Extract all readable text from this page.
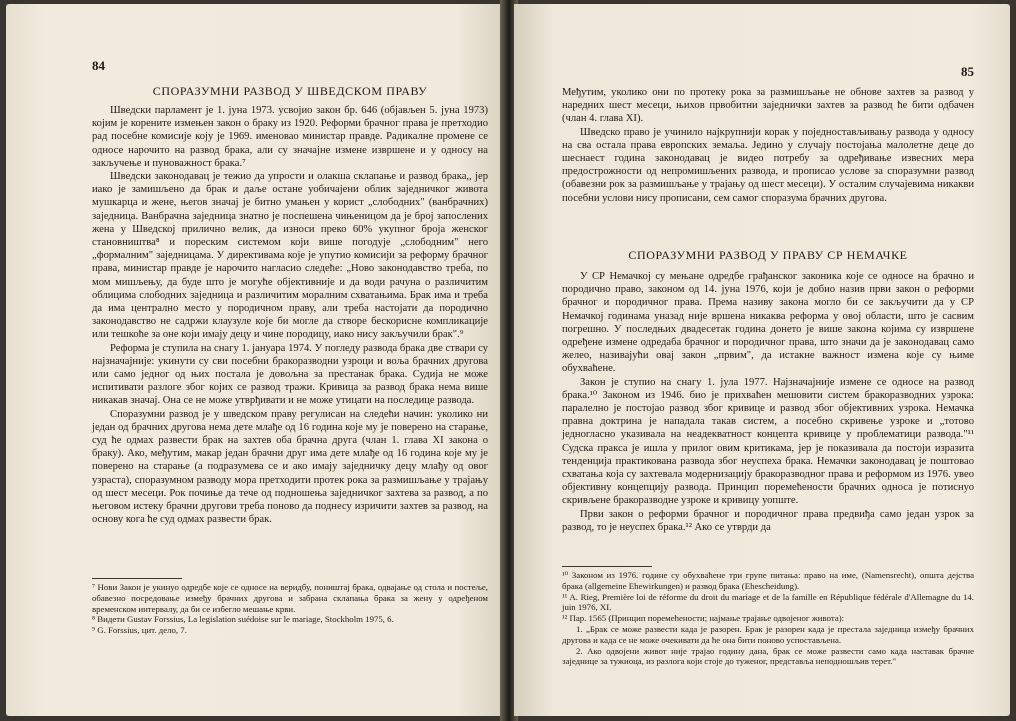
84

СПОРАЗУМНИ РАЗВОД У ШВЕДСКОМ ПРАВУ

Шведски парламент је 1. јуна 1973. усвојио закон бр. 646 (објављен 5. јуна 1973) којим је корените измењен закон о браку из 1920. Реформи брачног права је претходио рад посебне комисије коју је 1969. именовао министар правде. Радикалне промене се односе нарочито на развод брака, али су значајне измене извршене и у односу на закључење и пуноважност брака.⁷

Шведски законодавац је тежио да упрости и олакша склапање и развод брака,, јер иако је замишљено да брак и даље остане уобичајени облик заједничког живота мушкарца и жене, његов значај је битно умањен у корист „слободних" (ванбрачних) заједница. Ванбрачна заједница знатно је поспешена чињеницом да је број запослених жена у Шведској прилично велик, да износи преко 60% укупног броја женског становништва⁸ и порeским системом који више погодује „слободним" него „формалним" заједницама. У директивама које је упутио комисији за реформу брачног права, министар правде је нарочито нагласио следеће: „Ново законодавство треба, по мом мишљењу, да буде што је могуће објективније и да води рачуна о различитим облицима слободних заједница и различитим моралним схватањима. Брак има и треба да има централно место у породичном праву, али треба настојати да породично законодавство не садржи клаузуле које би могле да створе бескорисне компликације или тешкоће за оне који имају децу и чине породицу, иако нису закључили брак".⁹

Реформа је ступила на снагу 1. јануара 1974. У погледу развода брака две ствари су најзначајније: укинути су сви посебни бракоразводни узроци и воља брачних другова или само једног од њих постала је довољна за престанак брака. Судија не може испитивати разлоге због којих се развод тражи. Кривица за развод брака нема више никакав значај. Она се не може утврђивати и не може утицати на последице развода.

Споразумни развод је у шведском праву регулисан на следећи начин: уколико ни један од брачних другова нема дете млађе од 16 година које му је поверено на старање, суд ће одмах развести брак на захтев оба брачна друга (члан 1. глава XI закона о браку). Ако, међутим, макар један брачни друг има дете млађе од 16 година које му је поверено на старање (а подразумева се и ако имају заједничку децу млађу од овог узраста), споразумном разводу мора претходити протек рока за размишљање у трајању од шест месеци. Рок почиње да тече од подношења заједничког захтева за развод, а по његовом истеку брачни другови треба поново да поднесу изричити захтев за развод, на основу кога ће суд одмах развести брак.

⁷ Нови Закон је укинуо одредбе које се односе на веридбу, поништај брака, одвајање од стола и постеље, обавезно посредовање између брачних другова и забрана склапања брака за жену у одређеном временском интервалу, да би се избегло мешање крви.

⁸ Видети Gustav Forssius, La legislation suédoise sur le mariage, Stockholm 1975, 6.

⁹ G. Forssius, цит. дело, 7.

85

Међутим, уколико они по протеку рока за размишљање не обнове захтев за развод у наредних шест месеци, њихов првобитни заједнички захтев за развод ће бити одбачен (члан 4. глава XI).

Шведско право је учинило најкрупнији корак у поједностављивању развода у односу на сва остала права европских земаља. Једино у случају постојања малолетне деце до шеснаест година законодавац је видео потребу за одређивање извесних мера предострожности од непромишљених развода, и прописао услове за споразумни развод (обавезни рок за размишљање у трајању од шест месеци). У осталим случајевима никакви посебни услови нису прописани, сем самог споразума брачних другова.

СПОРАЗУМНИ РАЗВОД У ПРАВУ СР НЕМАЧКЕ

У СР Немачкој су мењане одредбе грађанског законика које се односе на брачно и породично право, законом од 14. јуна 1976, који је добио назив први закон о реформи брачног и породичног права. Према називу закона могло би се закључити да у СР Немачкој годинама уназад није вршена никаква реформа у овој области, што је сасвим погрешно. У последњих двадесетак година донето је више закона којима су извршене одређене измене одредаба брачног и породичног права, што значи да је законодавац само желео, називајући овај закон „првим", да истакне важност измена које су њиме обухваћене.

Закон је ступио на снагу 1. јула 1977. Најзначајније измене се односе на развод брака.¹⁰ Законом из 1946. био је прихваћен мешовити систем бракоразводних узрока: паралелно је постојао развод због кривице и развод због објективних узрока. Немачка правна доктрина је нападала такав систем, а посебно скривење узроке и „тотово једногласно указивала на неадекватност концепта кривице у проблематици развода."¹¹ Судска пракса је ишла у прилог овим критикама, јер је показивала да постоји изразита тенденција практикована развода због неуспеха брака. Немачки законодавац је поштовао схватања која су захтевала модернизацију бракоразводног права и реформом из 1976. увео објективну концепцију развода. Принцип поремећености брачних односа је потиснуо скривљене бракоразводне узроке и кривицу уопште.

Први закон о реформи брачног и породичног права предвиђа само један узрок за развод, то је неуспех брака.¹² Ако се утврди да

¹⁰ Законом из 1976. године су обухваћене три групе питања: право на име, (Namensrecht), општа дејства брака (allgemeine Ehewirkungen) и развод брака (Ehescheidung).

¹¹ A. Rieg, Première loi de réforme du droit du mariage et de la famille en République fédérale d'Allemagne du 14. juin 1976, XI.

¹² Пар. 1565 (Принцип поремећености; наjмање трајање одвојеног живота):

1. „Брак се може развести када је разорен. Брак је разорен када је престала заједница између брачних другова и када се не може очекивати да ће она бити поново успостављена.

2. Ако одвојени живот није трајао годину дана, брак се може развести само када наставак брачне заједнице за тужиоца, из разлога који стоје до туженог, представља неподношљив терет."
